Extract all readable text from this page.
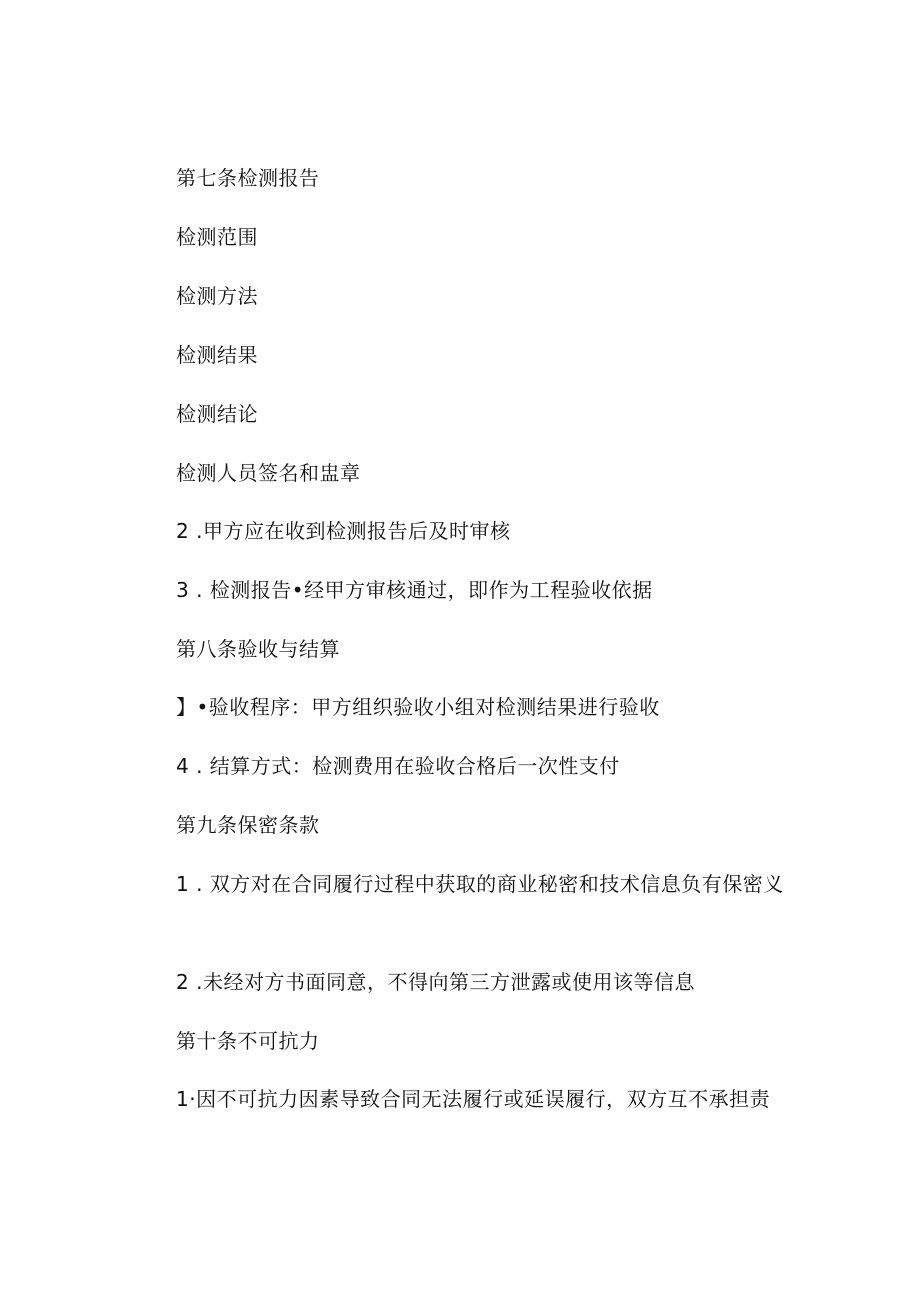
第七条检测报告
检测范围
检测方法
检测结果
检测结论
检测人员签名和盅章
2 .甲方应在收到检测报告后及时审核
3 . 检测报告•经甲方审核通过，即作为工程验收依据
第八条验收与结算
】•验收程序：甲方组织验收小组对检测结果进行验收
4 . 结算方式：检测费用在验收合格后一次性支付
第九条保密条款
1 . 双方对在合同履行过程中获取的商业秘密和技术信息负有保密义
2 .未经对方书面同意，不得向第三方泄露或使用该等信息
第十条不可抗力
1·因不可抗力因素导致合同无法履行或延误履行，双方互不承担责
